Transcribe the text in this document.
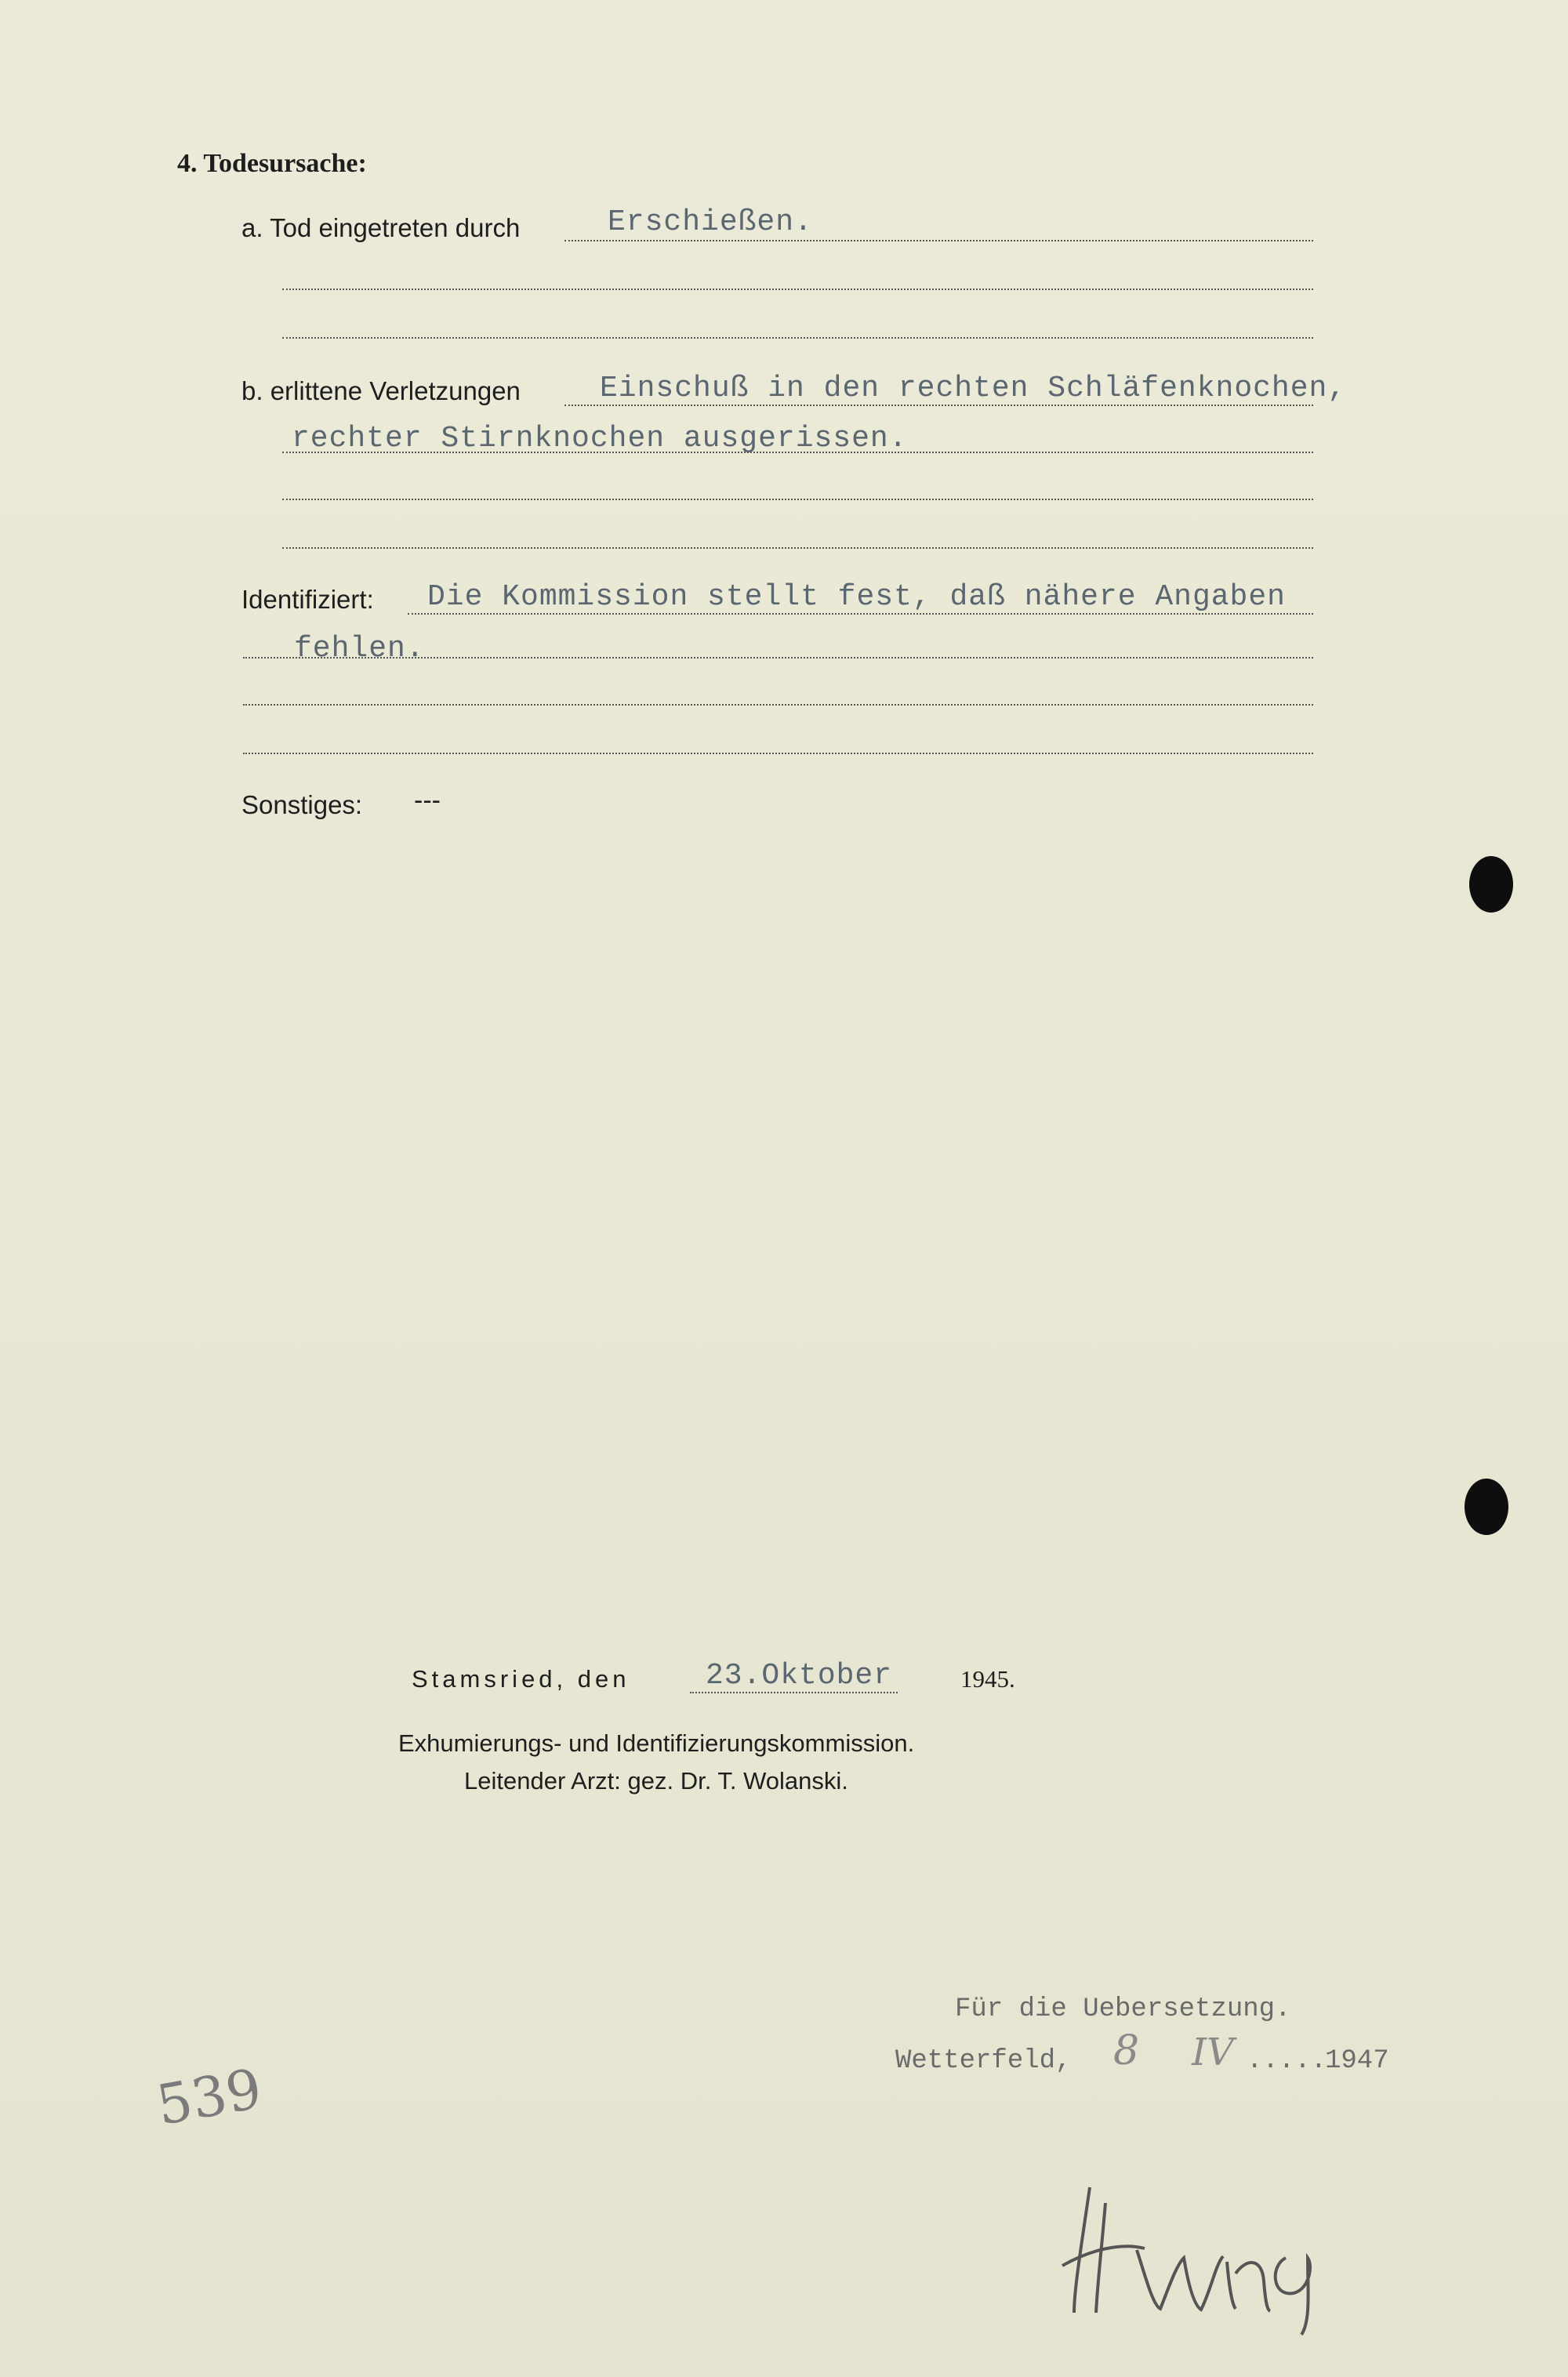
4. Todesursache:
a. Tod eingetreten durch	Erschießen.
b. erlittene Verletzungen	Einschuß in den rechten Schläfenknochen,
rechter Stirnknochen ausgerissen.
Identifiziert: Die Kommission stellt fest, daß nähere Angaben
fehlen.
Sonstiges: ---
Stamsried, den	23.Oktober	1945.
Exhumierungs- und Identifizierungskommission.
Leitender Arzt: gez. Dr. T. Wolanski.
Für die Uebersetzung.
Wetterfeld, 8 IV .....
1947
539
